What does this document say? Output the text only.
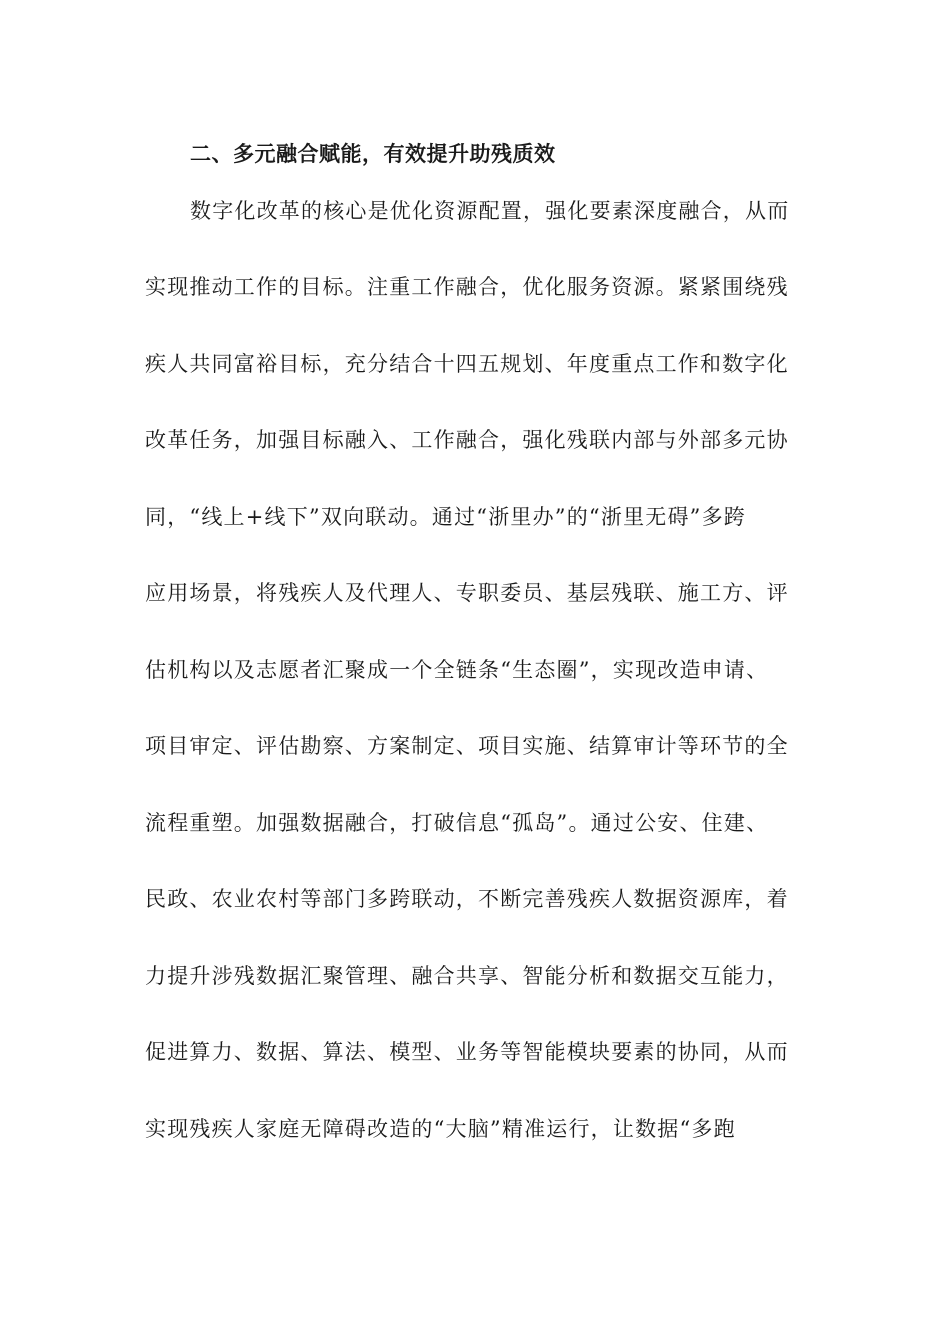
二、多元融合赋能，有效提升助残质效
数字化改革的核心是优化资源配置，强化要素深度融合，从而
实现推动工作的目标。注重工作融合，优化服务资源。紧紧围绕残
疾人共同富裕目标，充分结合十四五规划、年度重点工作和数字化
改革任务，加强目标融入、工作融合，强化残联内部与外部多元协
同，“线上+线下”双向联动。通过“浙里办”的“浙里无碍”多跨
应用场景，将残疾人及代理人、专职委员、基层残联、施工方、评
估机构以及志愿者汇聚成一个全链条“生态圈”，实现改造申请、
项目审定、评估勘察、方案制定、项目实施、结算审计等环节的全
流程重塑。加强数据融合，打破信息“孤岛”。通过公安、住建、
民政、农业农村等部门多跨联动，不断完善残疾人数据资源库，着
力提升涉残数据汇聚管理、融合共享、智能分析和数据交互能力，
促进算力、数据、算法、模型、业务等智能模块要素的协同，从而
实现残疾人家庭无障碍改造的“大脑”精准运行，让数据“多跑
